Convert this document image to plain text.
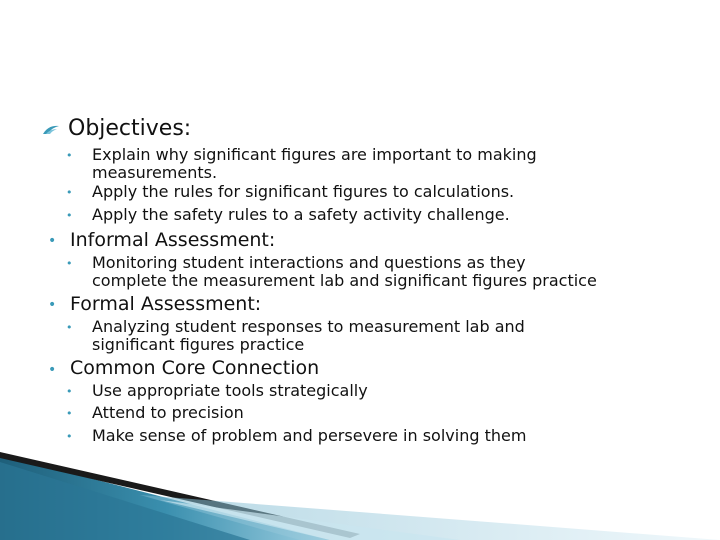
Objectives:
• Explain why significant figures are important to making
measurements.
• Apply the rules for significant figures to calculations.
• Apply the safety rules to a safety activity challenge.
• Informal Assessment:
• Monitoring student interactions and questions as they
complete the measurement lab and significant figures practice
• Formal Assessment:
• Analyzing student responses to measurement lab and
significant figures practice
• Common Core Connection
• Use appropriate tools strategically
• Attend to precision
• Make sense of problem and persevere in solving them
